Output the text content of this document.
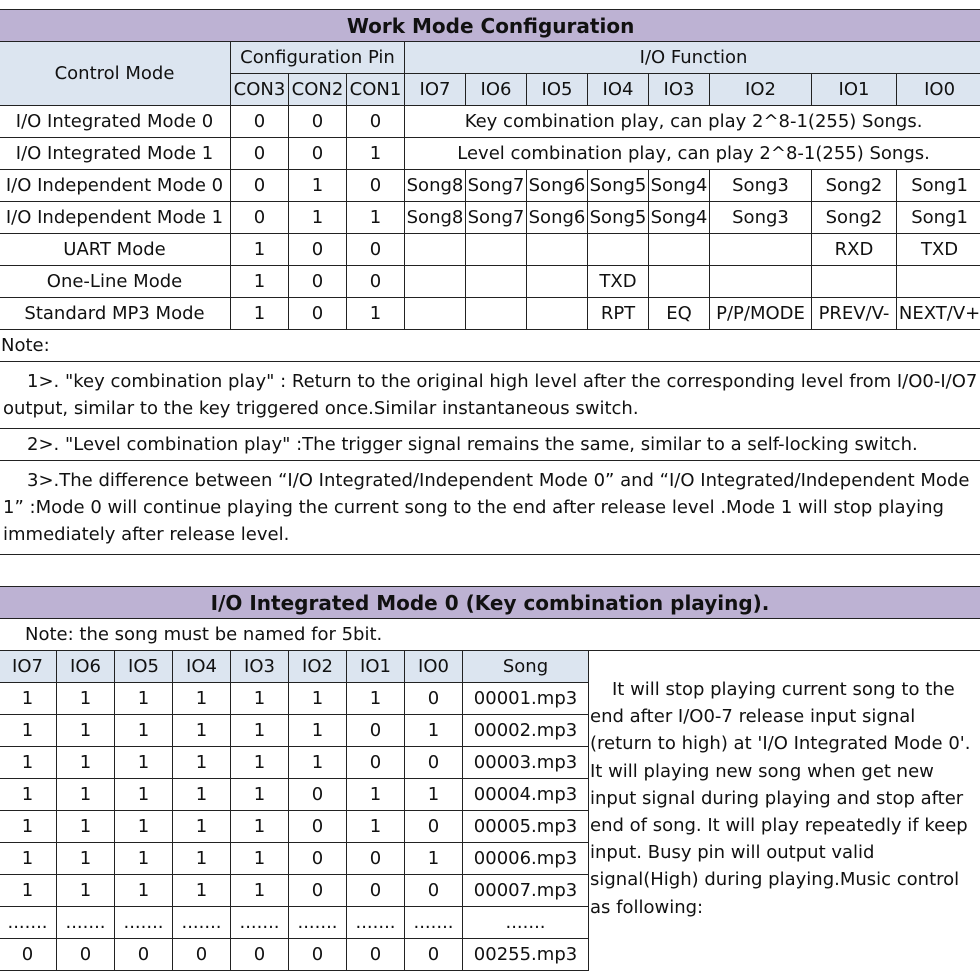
Work Mode Configuration											
Control Mode	Configuration Pin			I/O Function							
	CON3	CON2	CON1	IO7	IO6	IO5	IO4	IO3	IO2	IO1	IO0
I/O Integrated Mode 0	0	0	0	Key combination play, can play 2^8-1(255) Songs.							
I/O Integrated Mode 1	0	0	1	Level combination play, can play 2^8-1(255) Songs.							
I/O Independent Mode 0	0	1	0	Song8	Song7	Song6	Song5	Song4	Song3	Song2	Song1
I/O Independent Mode 1	0	1	1	Song8	Song7	Song6	Song5	Song4	Song3	Song2	Song1
UART Mode	1	0	0							RXD	TXD
One-Line Mode	1	0	0				TXD				
Standard MP3 Mode	1	0	1				RPT	EQ	P/P/MODE	PREV/V-	NEXT/V+
Note:											
1>. "key combination play" : Return to the original high level after the corresponding level from I/O0-I/O7 output, similar to the key triggered once.Similar instantaneous switch.											
2>. "Level combination play" :The trigger signal remains the same, similar to a self-locking switch.											
3>.The difference between “I/O Integrated/Independent Mode 0” and “I/O Integrated/Independent Mode 1” :Mode 0 will continue playing the current song to the end after release level .Mode 1 will stop playing immediately after release level.											
I/O Integrated Mode 0 (Key combination playing).
Note: the song must be named for 5bit.
IO7	IO6	IO5	IO4	IO3	IO2	IO1	IO0	Song
1	1	1	1	1	1	1	0	00001.mp3
1	1	1	1	1	1	0	1	00002.mp3
1	1	1	1	1	1	0	0	00003.mp3
1	1	1	1	1	0	1	1	00004.mp3
1	1	1	1	1	0	1	0	00005.mp3
1	1	1	1	1	0	0	1	00006.mp3
1	1	1	1	1	0	0	0	00007.mp3
.......	.......	.......	.......	.......	.......	.......	.......	.......
0	0	0	0	0	0	0	0	00255.mp3
It will stop playing current song to the end after I/O0-7 release input signal (return to high) at 'I/O Integrated Mode 0'. It will playing new song when get new input signal during playing and stop after end of song. It will play repeatedly if keep input. Busy pin will output valid signal(High) during playing.Music control as following:
